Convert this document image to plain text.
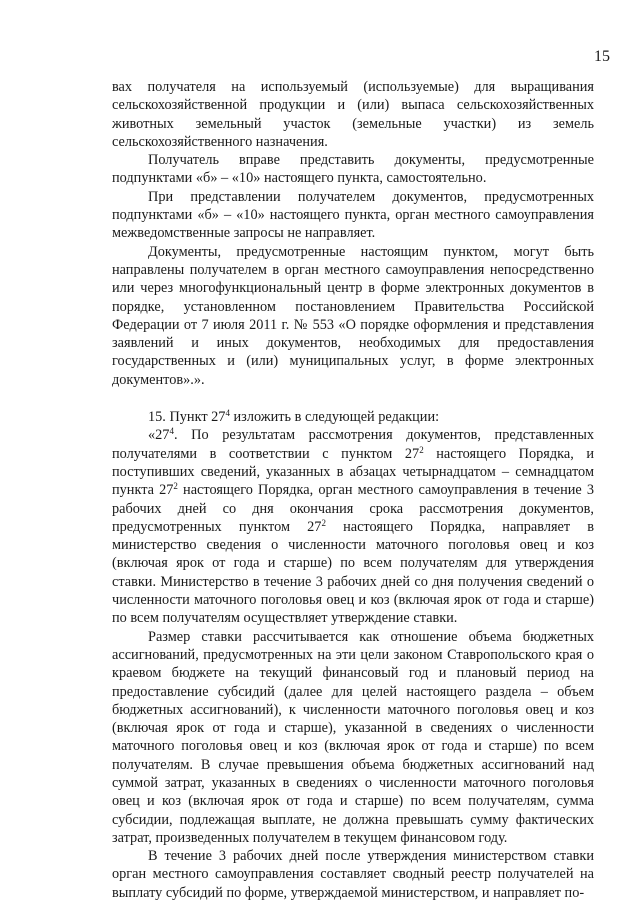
15

вах получателя на используемый (используемые) для выращивания сельскохозяйственной продукции и (или) выпаса сельскохозяйственных животных земельный участок (земельные участки) из земель сельскохозяйственного назначения.

Получатель вправе представить документы, предусмотренные подпунктами «б» – «10» настоящего пункта, самостоятельно.

При представлении получателем документов, предусмотренных подпунктами «б» – «10» настоящего пункта, орган местного самоуправления межведомственные запросы не направляет.

Документы, предусмотренные настоящим пунктом, могут быть направлены получателем в орган местного самоуправления непосредственно или через многофункциональный центр в форме электронных документов в порядке, установленном постановлением Правительства Российской Федерации от 7 июля 2011 г. № 553 «О порядке оформления и представления заявлений и иных документов, необходимых для предоставления государственных и (или) муниципальных услуг, в форме электронных документов».».

15. Пункт $27^4$ изложить в следующей редакции:

«$27^4$. По результатам рассмотрения документов, представленных получателями в соответствии с пунктом $27^2$ настоящего Порядка, и поступивших сведений, указанных в абзацах четырнадцатом – семнадцатом пункта $27^2$ настоящего Порядка, орган местного самоуправления в течение 3 рабочих дней со дня окончания срока рассмотрения документов, предусмотренных пунктом $27^2$ настоящего Порядка, направляет в министерство сведения о численности маточного поголовья овец и коз (включая ярок от года и старше) по всем получателям для утверждения ставки. Министерство в течение 3 рабочих дней со дня получения сведений о численности маточного поголовья овец и коз (включая ярок от года и старше) по всем получателям осуществляет утверждение ставки.

Размер ставки рассчитывается как отношение объема бюджетных ассигнований, предусмотренных на эти цели законом Ставропольского края о краевом бюджете на текущий финансовый год и плановый период на предоставление субсидий (далее для целей настоящего раздела – объем бюджетных ассигнований), к численности маточного поголовья овец и коз (включая ярок от года и старше), указанной в сведениях о численности маточного поголовья овец и коз (включая ярок от года и старше) по всем получателям. В случае превышения объема бюджетных ассигнований над суммой затрат, указанных в сведениях о численности маточного поголовья овец и коз (включая ярок от года и старше) по всем получателям, сумма субсидии, подлежащая выплате, не должна превышать сумму фактических затрат, произведенных получателем в текущем финансовом году.

В течение 3 рабочих дней после утверждения министерством ставки орган местного самоуправления составляет сводный реестр получателей на выплату субсидий по форме, утверждаемой министерством, и направляет по-
